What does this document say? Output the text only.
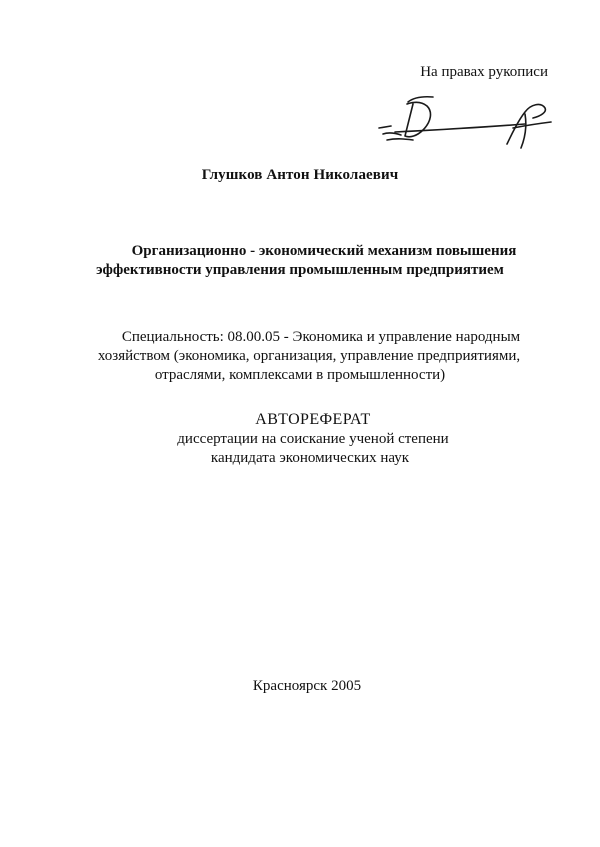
На правах рукописи
Глушков Антон Николаевич
Организационно - экономический механизм повышения
эффективности управления промышленным предприятием
Специальность: 08.00.05 - Экономика и управление народным
хозяйством (экономика, организация, управление предприятиями,
отраслями, комплексами в промышленности)
АВТОРЕФЕРАТ
диссертации на соискание ученой степени
кандидата экономических наук
Красноярск 2005
